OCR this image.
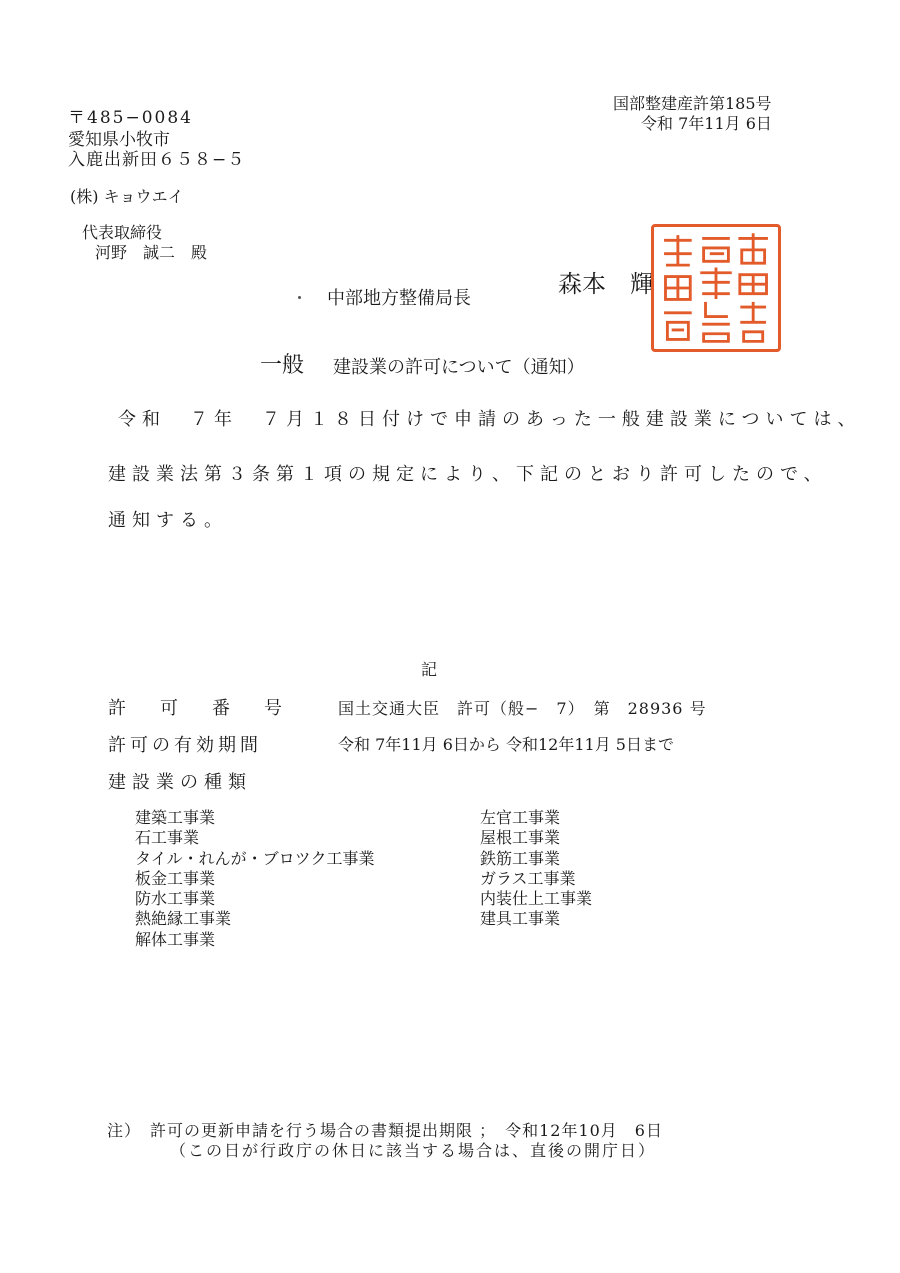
国部整建産許第185号
令和 7年11月 6日
〒485−0084
愛知県小牧市
入鹿出新田６５８−５
(株) キョウエイ
代表取締役
河野　誠二　殿
中部地方整備局長
森本　輝
一般 建設業の許可について（通知）
令和　７年　７月１８日付けで申請のあった一般建設業については、
建設業法第３条第１項の規定により、下記のとおり許可したので、
通知する。
記
許　可　番　号	国土交通大臣　許可（般−　7）　第　28936 号
許可の有効期間	令和 7年11月 6日から 令和12年11月 5日まで
建設業の種類
建築工事業
石工事業
タイル・れんが・ブロツク工事業
板金工事業
防水工事業
熱絶縁工事業
解体工事業
左官工事業
屋根工事業
鉄筋工事業
ガラス工事業
内装仕上工事業
建具工事業
注）　許可の更新申請を行う場合の書類提出期限 ；　令和12年10月　6日
（この日が行政庁の休日に該当する場合は、直後の開庁日）
